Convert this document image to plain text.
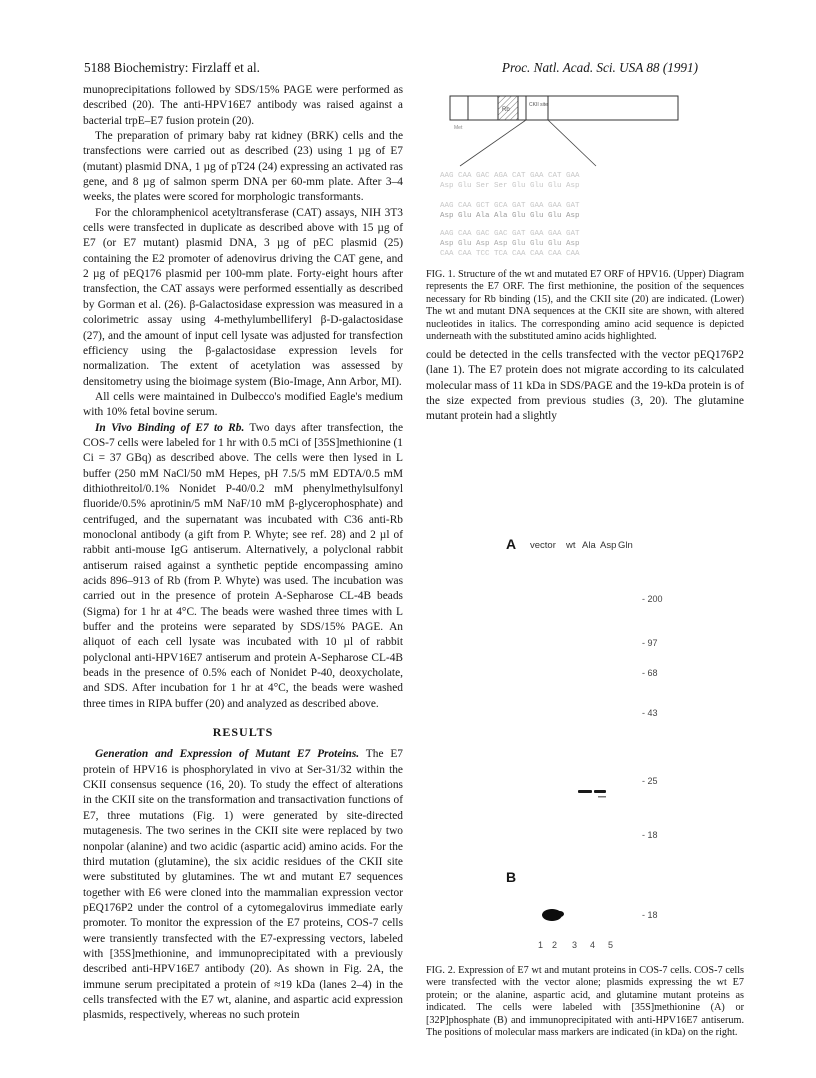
5188 Biochemistry: Firzlaff et al.	Proc. Natl. Acad. Sci. USA 88 (1991)

munoprecipitations followed by SDS/15% PAGE were performed as described (20). The anti-HPV16E7 antibody was raised against a bacterial trpE–E7 fusion protein (20).

The preparation of primary baby rat kidney (BRK) cells and the transfections were carried out as described (23) using 1 µg of E7 (mutant) plasmid DNA, 1 µg of pT24 (24) expressing an activated ras gene, and 8 µg of salmon sperm DNA per 60-mm plate. After 3–4 weeks, the plates were scored for morphologic transformants.

For the chloramphenicol acetyltransferase (CAT) assays, NIH 3T3 cells were transfected in duplicate as described above with 15 µg of E7 (or E7 mutant) plasmid DNA, 3 µg of pEC plasmid (25) containing the E2 promoter of adenovirus driving the CAT gene, and 2 µg of pEQ176 plasmid per 100-mm plate. Forty-eight hours after transfection, the CAT assays were performed essentially as described by Gorman et al. (26). β-Galactosidase expression was measured in a colorimetric assay using 4-methylumbelliferyl β-D-galactosidase (27), and the amount of input cell lysate was adjusted for transfection efficiency using the β-galactosidase expression levels for normalization. The extent of acetylation was assessed by densitometry using the bioimage system (Bio-Image, Ann Arbor, MI).

All cells were maintained in Dulbecco's modified Eagle's medium with 10% fetal bovine serum.

In Vivo Binding of E7 to Rb. Two days after transfection, the COS-7 cells were labeled for 1 hr with 0.5 mCi of [35S]methionine (1 Ci = 37 GBq) as described above. The cells were then lysed in L buffer (250 mM NaCl/50 mM Hepes, pH 7.5/5 mM EDTA/0.5 mM dithiothreitol/0.1% Nonidet P-40/0.2 mM phenylmethylsulfonyl fluoride/0.5% aprotinin/5 mM NaF/10 mM β-glycerophosphate) and centrifuged, and the supernatant was incubated with C36 anti-Rb monoclonal antibody (a gift from P. Whyte; see ref. 28) and 2 µl of rabbit anti-mouse IgG antiserum. Alternatively, a polyclonal rabbit antiserum raised against a synthetic peptide encompassing amino acids 896–913 of Rb (from P. Whyte) was used. The incubation was carried out in the presence of protein A-Sepharose CL-4B beads (Sigma) for 1 hr at 4°C. The beads were washed three times with L buffer and the proteins were separated by SDS/15% PAGE. An aliquot of each cell lysate was incubated with 10 µl of rabbit polyclonal anti-HPV16E7 antiserum and protein A-Sepharose CL-4B beads in the presence of 0.5% each of Nonidet P-40, deoxycholate, and SDS. After incubation for 1 hr at 4°C, the beads were washed three times in RIPA buffer (20) and analyzed as described above.

RESULTS

Generation and Expression of Mutant E7 Proteins. The E7 protein of HPV16 is phosphorylated in vivo at Ser-31/32 within the CKII consensus sequence (16, 20). To study the effect of alterations in the CKII site on the transformation and transactivation functions of E7, three mutations (Fig. 1) were generated by site-directed mutagenesis. The two serines in the CKII site were replaced by two nonpolar (alanine) and two acidic (aspartic acid) amino acids. For the third mutation (glutamine), the six acidic residues of the CKII site were substituted by glutamines. The wt and mutant E7 sequences together with E6 were cloned into the mammalian expression vector pEQ176P2 under the control of a cytomegalovirus immediate early promoter. To monitor the expression of the E7 proteins, COS-7 cells were transiently transfected with the E7-expressing vectors, labeled with [35S]methionine, and immunoprecipitated with a previously described anti-HPV16E7 antibody (20). As shown in Fig. 2A, the immune serum precipitated a protein of ≈19 kDa (lanes 2–4) in the cells transfected with the E7 wt, alanine, and aspartic acid expression plasmids, respectively, whereas no such protein

Rb
CKII site
Met
AAG CAA GAC AGA CAT GAA CAT GAA
Asp Glu Ser Ser Glu Glu Glu Asp
AAG CAA GCT GCA GAT GAA GAA GAT
Asp Glu Ala Ala Glu Glu Glu Asp
AAG CAA GAC GAC GAT GAA GAA GAT
Asp Glu Asp Asp Glu Glu Glu Asp
CAA CAA TCC TCA CAA CAA CAA CAA
FIG. 1. Structure of the wt and mutated E7 ORF of HPV16. (Upper) Diagram represents the E7 ORF. The first methionine, the position of the sequences necessary for Rb binding (15), and the CKII site (20) are indicated. (Lower) The wt and mutant DNA sequences at the CKII site are shown, with altered nucleotides in italics. The corresponding amino acid sequence is depicted underneath with the substituted amino acids highlighted.

could be detected in the cells transfected with the vector pEQ176P2 (lane 1). The E7 protein does not migrate according to its calculated molecular mass of 11 kDa in SDS/PAGE and the 19-kDa protein is of the size expected from previous studies (3, 20). The glutamine mutant protein had a slightly

A vector wt Ala Asp Gln
- 200
- 97
- 68
- 43
- 25
- 18
B
- 18
1 2 3 4 5
FIG. 2. Expression of E7 wt and mutant proteins in COS-7 cells. COS-7 cells were transfected with the vector alone; plasmids expressing the wt E7 protein; or the alanine, aspartic acid, and glutamine mutant proteins as indicated. The cells were labeled with [35S]methionine (A) or [32P]phosphate (B) and immunoprecipitated with anti-HPV16E7 antiserum. The positions of molecular mass markers are indicated (in kDa) on the right.
